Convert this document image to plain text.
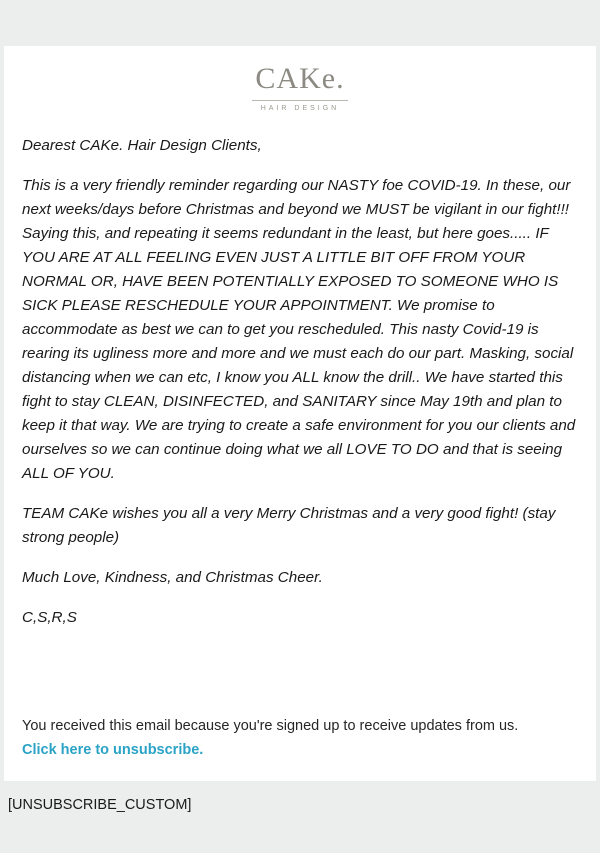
CAKe.
HAIR DESIGN

Dearest CAKe. Hair Design Clients,

This is a very friendly reminder regarding our NASTY foe COVID-19. In these, our next weeks/days before Christmas and beyond we MUST be vigilant in our fight!!! Saying this, and repeating it seems redundant in the least, but here goes..... IF YOU ARE AT ALL FEELING EVEN JUST A LITTLE BIT OFF FROM YOUR NORMAL OR, HAVE BEEN POTENTIALLY EXPOSED TO SOMEONE WHO IS SICK PLEASE RESCHEDULE YOUR APPOINTMENT. We promise to accommodate as best we can to get you rescheduled. This nasty Covid-19 is rearing its ugliness more and more and we must each do our part. Masking, social distancing when we can etc, I know you ALL know the drill.. We have started this fight to stay CLEAN, DISINFECTED, and SANITARY since May 19th and plan to keep it that way. We are trying to create a safe environment for you our clients and ourselves so we can continue doing what we all LOVE TO DO and that is seeing ALL OF YOU.

TEAM CAKe wishes you all a very Merry Christmas and a very good fight! (stay strong people)

Much Love, Kindness, and Christmas Cheer.

C,S,R,S

You received this email because you're signed up to receive updates from us.

Click here to unsubscribe.
[UNSUBSCRIBE_CUSTOM]
